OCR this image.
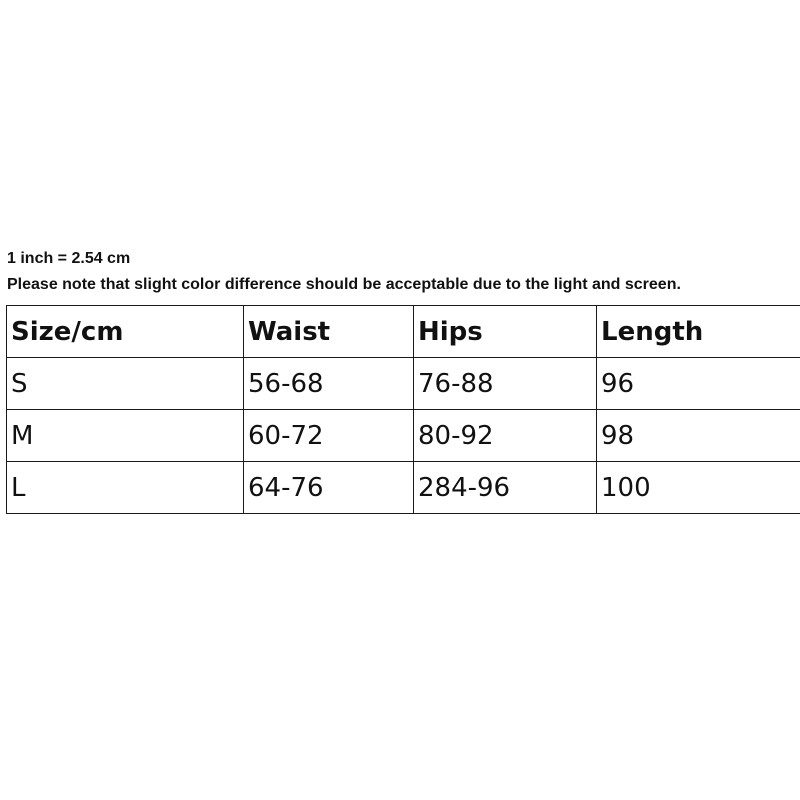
1 inch = 2.54 cm
Please note that slight color difference should be acceptable due to the light and screen.
Size/cm	Waist	Hips	Length
S	56-68	76-88	96
M	60-72	80-92	98
L	64-76	284-96	100
